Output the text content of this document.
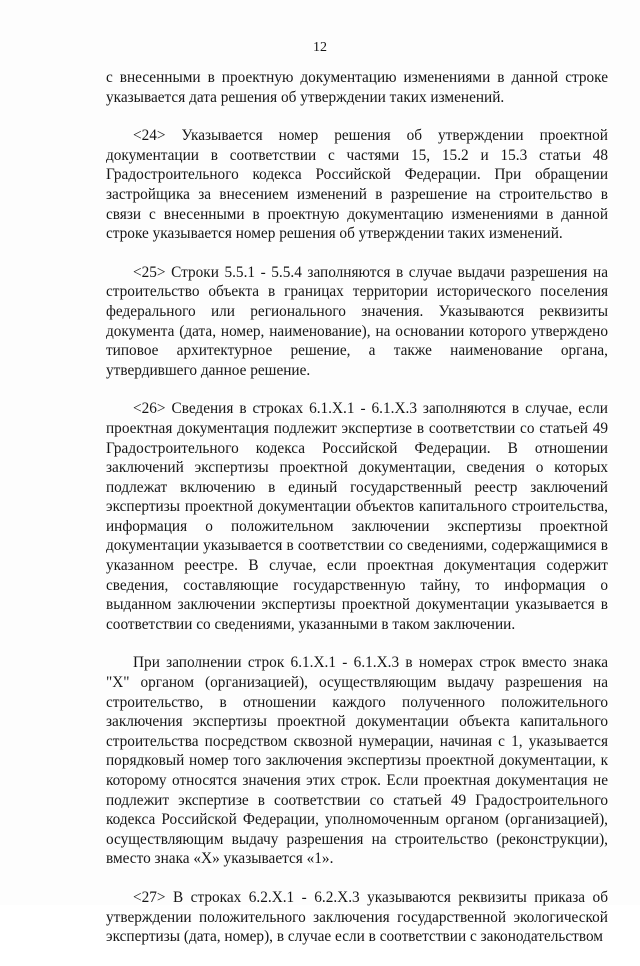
12

с внесенными в проектную документацию изменениями в данной строке указывается дата решения об утверждении таких изменений.

<24> Указывается номер решения об утверждении проектной документации в соответствии с частями 15, 15.2 и 15.3 статьи 48 Градостроительного кодекса Российской Федерации. При обращении застройщика за внесением изменений в разрешение на строительство в связи с внесенными в проектную документацию изменениями в данной строке указывается номер решения об утверждении таких изменений.

<25> Строки 5.5.1 - 5.5.4 заполняются в случае выдачи разрешения на строительство объекта в границах территории исторического поселения федерального или регионального значения. Указываются реквизиты документа (дата, номер, наименование), на основании которого утверждено типовое архитектурное решение, а также наименование органа, утвердившего данное решение.

<26> Сведения в строках 6.1.Х.1 - 6.1.Х.3 заполняются в случае, если проектная документация подлежит экспертизе в соответствии со статьей 49 Градостроительного кодекса Российской Федерации. В отношении заключений экспертизы проектной документации, сведения о которых подлежат включению в единый государственный реестр заключений экспертизы проектной документации объектов капитального строительства, информация о положительном заключении экспертизы проектной документации указывается в соответствии со сведениями, содержащимися в указанном реестре. В случае, если проектная документация содержит сведения, составляющие государственную тайну, то информация о выданном заключении экспертизы проектной документации указывается в соответствии со сведениями, указанными в таком заключении.

При заполнении строк 6.1.Х.1 - 6.1.Х.3 в номерах строк вместо знака "Х" органом (организацией), осуществляющим выдачу разрешения на строительство, в отношении каждого полученного положительного заключения экспертизы проектной документации объекта капитального строительства посредством сквозной нумерации, начиная с 1, указывается порядковый номер того заключения экспертизы проектной документации, к которому относятся значения этих строк. Если проектная документация не подлежит экспертизе в соответствии со статьей 49 Градостроительного кодекса Российской Федерации, уполномоченным органом (организацией), осуществляющим выдачу разрешения на строительство (реконструкции), вместо знака «Х» указывается «1».

<27> В строках 6.2.Х.1 - 6.2.Х.3 указываются реквизиты приказа об утверждении положительного заключения государственной экологической экспертизы (дата, номер), в случае если в соответствии с законодательством
